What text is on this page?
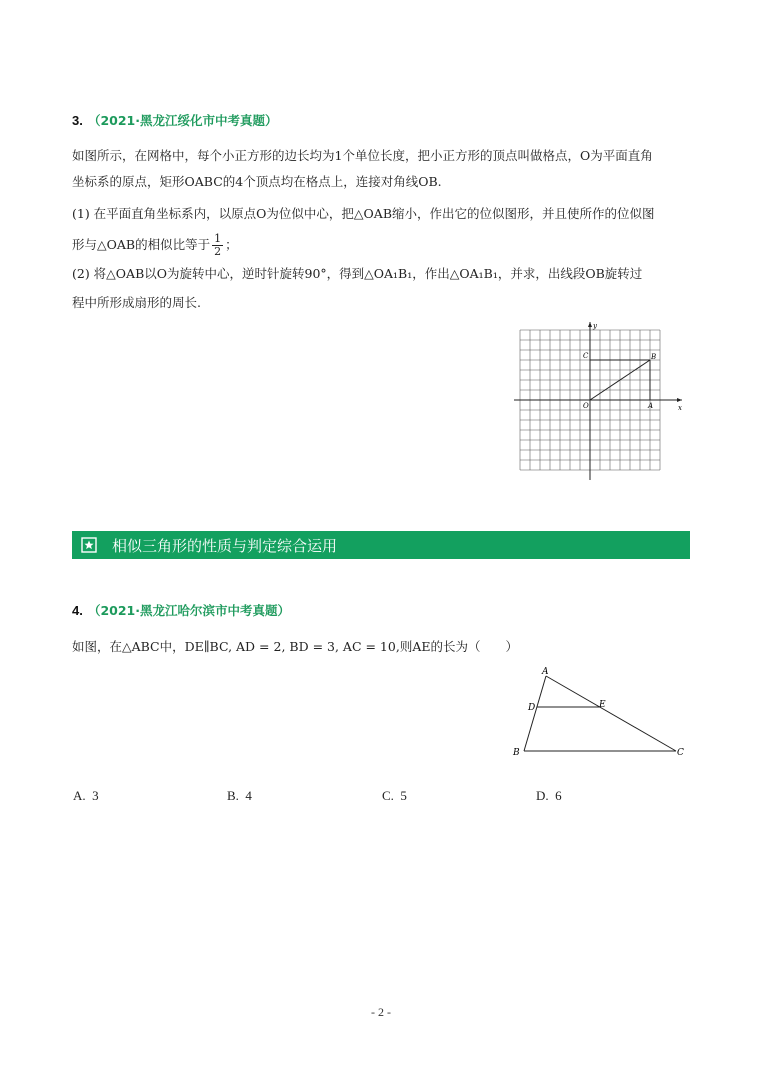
3. （2021·黑龙江绥化市中考真题）
如图所示，在网格中，每个小正方形的边长均为1个单位长度，把小正方形的顶点叫做格点，O为平面直角
坐标系的原点，矩形OABC的4个顶点均在格点上，连接对角线OB.
(1) 在平面直角坐标系内，以原点O为位似中心，把△OAB缩小，作出它的位似图形，并且使所作的位似图
形与△OAB的相似比等于 $\frac{1}{2}$ ；
(2) 将△OAB以O为旋转中心，逆时针旋转90°，得到△OA₁B₁，作出△OA₁B₁，并求，出线段OB旋转过
程中所形成扇形的周长.
y
x
C	B
O	A
相似三角形的性质与判定综合运用
4. （2021·黑龙江哈尔滨市中考真题）
如图，在△ABC中，DE∥BC, AD = 2, BD = 3, AC = 10,则AE的长为（　　）
A
D	E
B	C
A. 3	B. 4	C. 5	D. 6
- 2 -
